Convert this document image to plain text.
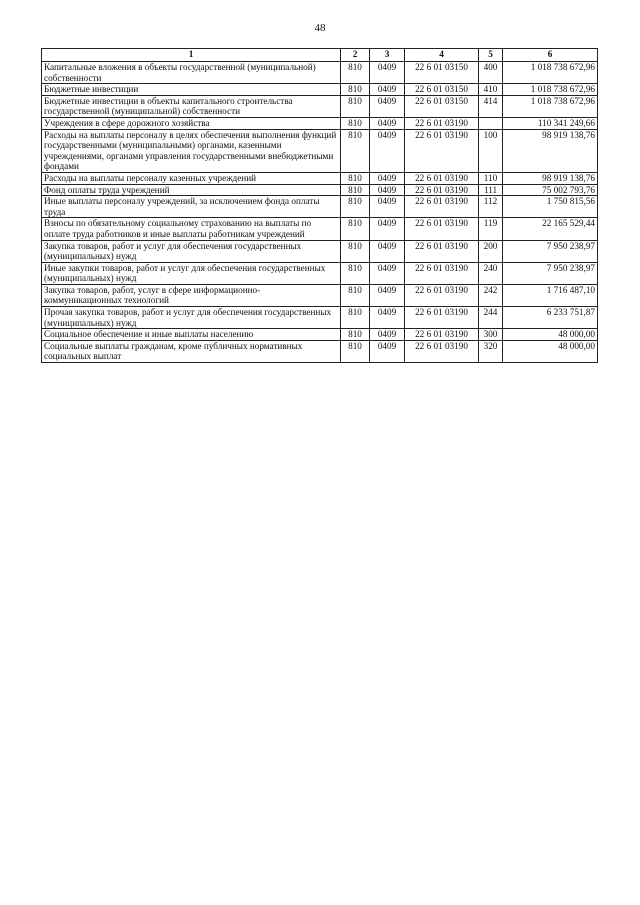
48
1	2	3	4	5	6
Капитальные вложения в объекты государственной (муниципальной) собственности	810	0409	22 6 01 03150	400	1 018 738 672,96
Бюджетные инвестиции	810	0409	22 6 01 03150	410	1 018 738 672,96
Бюджетные инвестиции в объекты капитального строительства государственной (муниципальной) собственности	810	0409	22 6 01 03150	414	1 018 738 672,96
Учреждения в сфере дорожного хозяйства	810	0409	22 6 01 03190		110 341 249,66
Расходы на выплаты персоналу в целях обеспечения выполнения функций государственными (муниципальными) органами, казенными учреждениями, органами управления государственными внебюджетными фондами	810	0409	22 6 01 03190	100	98 919 138,76
Расходы на выплаты персоналу казенных учреждений	810	0409	22 6 01 03190	110	98 919 138,76
Фонд оплаты труда учреждений	810	0409	22 6 01 03190	111	75 002 793,76
Иные выплаты персоналу учреждений, за исключением фонда оплаты труда	810	0409	22 6 01 03190	112	1 750 815,56
Взносы по обязательному социальному страхованию на выплаты по оплате труда работников и иные выплаты работникам учреждений	810	0409	22 6 01 03190	119	22 165 529,44
Закупка товаров, работ и услуг для обеспечения государственных (муниципальных) нужд	810	0409	22 6 01 03190	200	7 950 238,97
Иные закупки товаров, работ и услуг для обеспечения государственных (муниципальных) нужд	810	0409	22 6 01 03190	240	7 950 238,97
Закупка товаров, работ, услуг в сфере информационно-коммуникационных технологий	810	0409	22 6 01 03190	242	1 716 487,10
Прочая закупка товаров, работ и услуг для обеспечения государственных (муниципальных) нужд	810	0409	22 6 01 03190	244	6 233 751,87
Социальное обеспечение и иные выплаты населению	810	0409	22 6 01 03190	300	48 000,00
Социальные выплаты гражданам, кроме публичных нормативных социальных выплат	810	0409	22 6 01 03190	320	48 000,00
